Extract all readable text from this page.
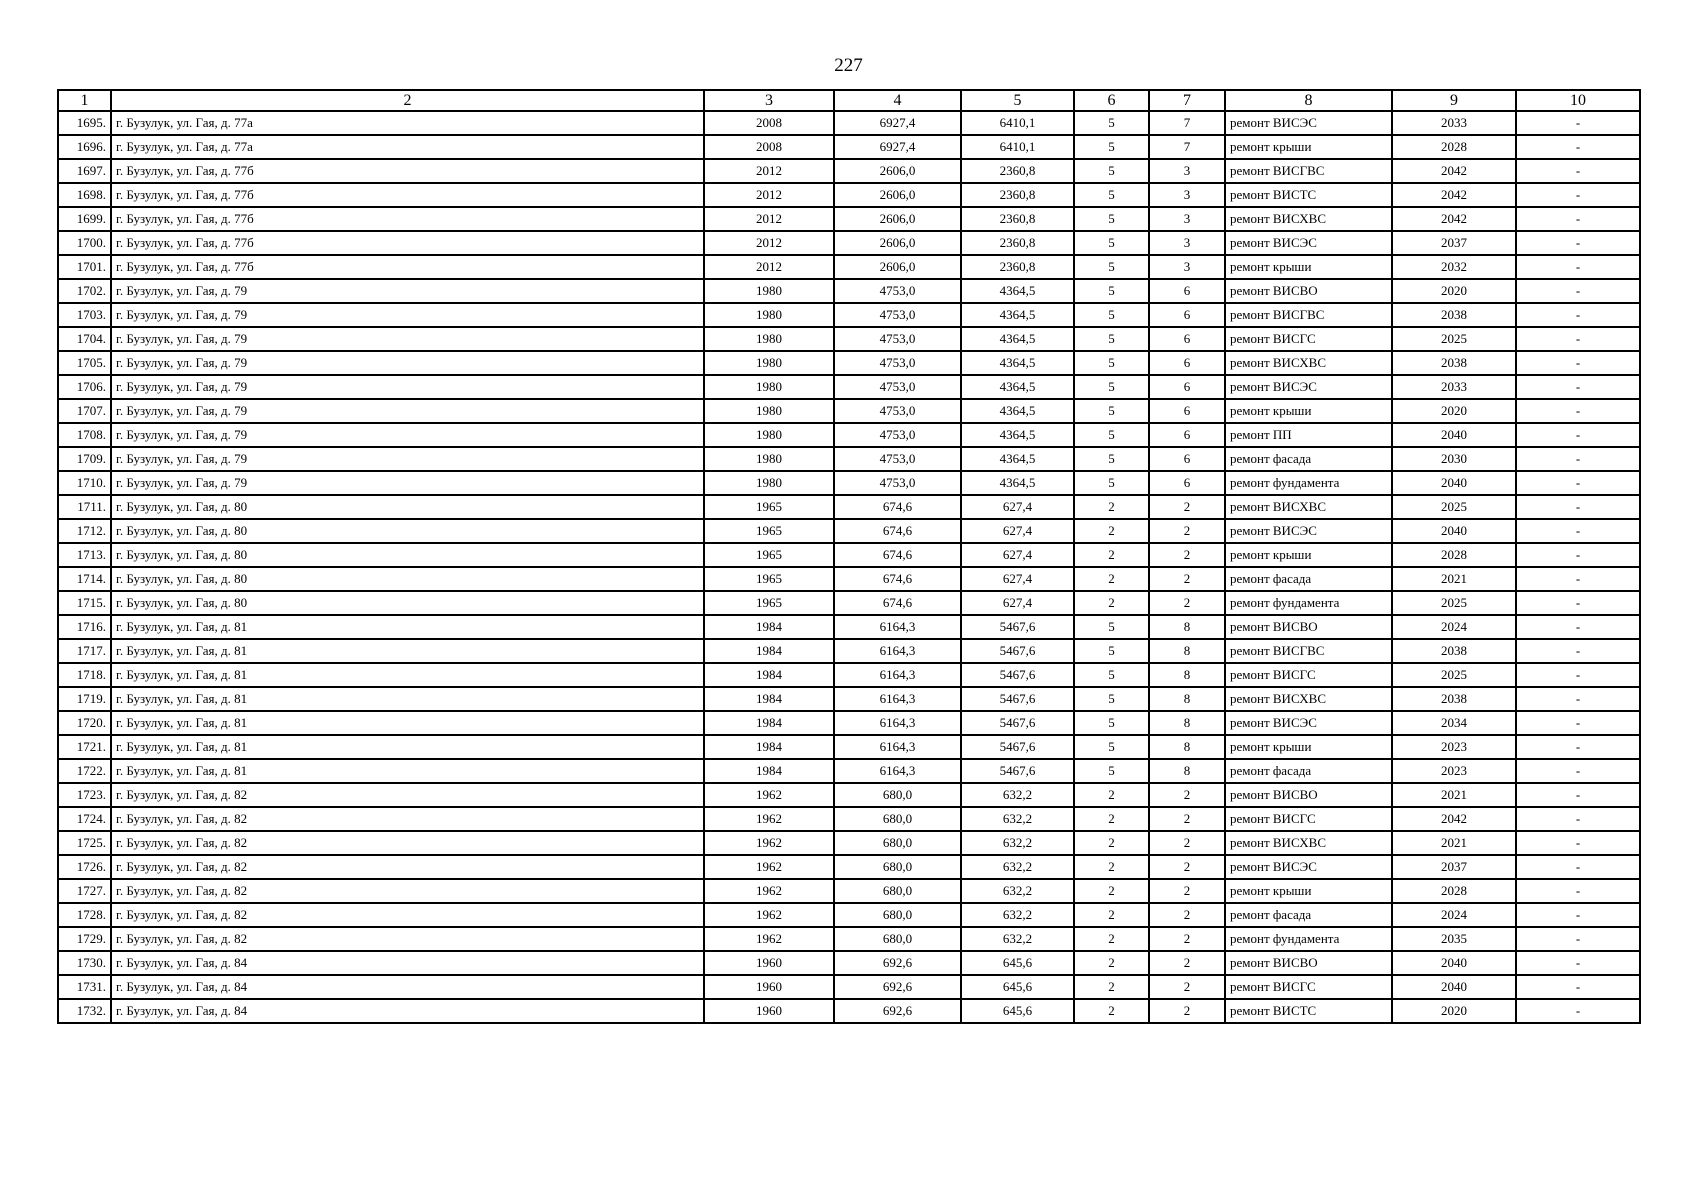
227
1	2	3	4	5	6	7	8	9	10
1695.	г. Бузулук, ул. Гая, д. 77а	2008	6927,4	6410,1	5	7	ремонт ВИСЭС	2033	-
1696.	г. Бузулук, ул. Гая, д. 77а	2008	6927,4	6410,1	5	7	ремонт крыши	2028	-
1697.	г. Бузулук, ул. Гая, д. 77б	2012	2606,0	2360,8	5	3	ремонт ВИСГВС	2042	-
1698.	г. Бузулук, ул. Гая, д. 77б	2012	2606,0	2360,8	5	3	ремонт ВИСТС	2042	-
1699.	г. Бузулук, ул. Гая, д. 77б	2012	2606,0	2360,8	5	3	ремонт ВИСХВС	2042	-
1700.	г. Бузулук, ул. Гая, д. 77б	2012	2606,0	2360,8	5	3	ремонт ВИСЭС	2037	-
1701.	г. Бузулук, ул. Гая, д. 77б	2012	2606,0	2360,8	5	3	ремонт крыши	2032	-
1702.	г. Бузулук, ул. Гая, д. 79	1980	4753,0	4364,5	5	6	ремонт ВИСВО	2020	-
1703.	г. Бузулук, ул. Гая, д. 79	1980	4753,0	4364,5	5	6	ремонт ВИСГВС	2038	-
1704.	г. Бузулук, ул. Гая, д. 79	1980	4753,0	4364,5	5	6	ремонт ВИСГС	2025	-
1705.	г. Бузулук, ул. Гая, д. 79	1980	4753,0	4364,5	5	6	ремонт ВИСХВС	2038	-
1706.	г. Бузулук, ул. Гая, д. 79	1980	4753,0	4364,5	5	6	ремонт ВИСЭС	2033	-
1707.	г. Бузулук, ул. Гая, д. 79	1980	4753,0	4364,5	5	6	ремонт крыши	2020	-
1708.	г. Бузулук, ул. Гая, д. 79	1980	4753,0	4364,5	5	6	ремонт ПП	2040	-
1709.	г. Бузулук, ул. Гая, д. 79	1980	4753,0	4364,5	5	6	ремонт фасада	2030	-
1710.	г. Бузулук, ул. Гая, д. 79	1980	4753,0	4364,5	5	6	ремонт фундамента	2040	-
1711.	г. Бузулук, ул. Гая, д. 80	1965	674,6	627,4	2	2	ремонт ВИСХВС	2025	-
1712.	г. Бузулук, ул. Гая, д. 80	1965	674,6	627,4	2	2	ремонт ВИСЭС	2040	-
1713.	г. Бузулук, ул. Гая, д. 80	1965	674,6	627,4	2	2	ремонт крыши	2028	-
1714.	г. Бузулук, ул. Гая, д. 80	1965	674,6	627,4	2	2	ремонт фасада	2021	-
1715.	г. Бузулук, ул. Гая, д. 80	1965	674,6	627,4	2	2	ремонт фундамента	2025	-
1716.	г. Бузулук, ул. Гая, д. 81	1984	6164,3	5467,6	5	8	ремонт ВИСВО	2024	-
1717.	г. Бузулук, ул. Гая, д. 81	1984	6164,3	5467,6	5	8	ремонт ВИСГВС	2038	-
1718.	г. Бузулук, ул. Гая, д. 81	1984	6164,3	5467,6	5	8	ремонт ВИСГС	2025	-
1719.	г. Бузулук, ул. Гая, д. 81	1984	6164,3	5467,6	5	8	ремонт ВИСХВС	2038	-
1720.	г. Бузулук, ул. Гая, д. 81	1984	6164,3	5467,6	5	8	ремонт ВИСЭС	2034	-
1721.	г. Бузулук, ул. Гая, д. 81	1984	6164,3	5467,6	5	8	ремонт крыши	2023	-
1722.	г. Бузулук, ул. Гая, д. 81	1984	6164,3	5467,6	5	8	ремонт фасада	2023	-
1723.	г. Бузулук, ул. Гая, д. 82	1962	680,0	632,2	2	2	ремонт ВИСВО	2021	-
1724.	г. Бузулук, ул. Гая, д. 82	1962	680,0	632,2	2	2	ремонт ВИСГС	2042	-
1725.	г. Бузулук, ул. Гая, д. 82	1962	680,0	632,2	2	2	ремонт ВИСХВС	2021	-
1726.	г. Бузулук, ул. Гая, д. 82	1962	680,0	632,2	2	2	ремонт ВИСЭС	2037	-
1727.	г. Бузулук, ул. Гая, д. 82	1962	680,0	632,2	2	2	ремонт крыши	2028	-
1728.	г. Бузулук, ул. Гая, д. 82	1962	680,0	632,2	2	2	ремонт фасада	2024	-
1729.	г. Бузулук, ул. Гая, д. 82	1962	680,0	632,2	2	2	ремонт фундамента	2035	-
1730.	г. Бузулук, ул. Гая, д. 84	1960	692,6	645,6	2	2	ремонт ВИСВО	2040	-
1731.	г. Бузулук, ул. Гая, д. 84	1960	692,6	645,6	2	2	ремонт ВИСГС	2040	-
1732.	г. Бузулук, ул. Гая, д. 84	1960	692,6	645,6	2	2	ремонт ВИСТС	2020	-
